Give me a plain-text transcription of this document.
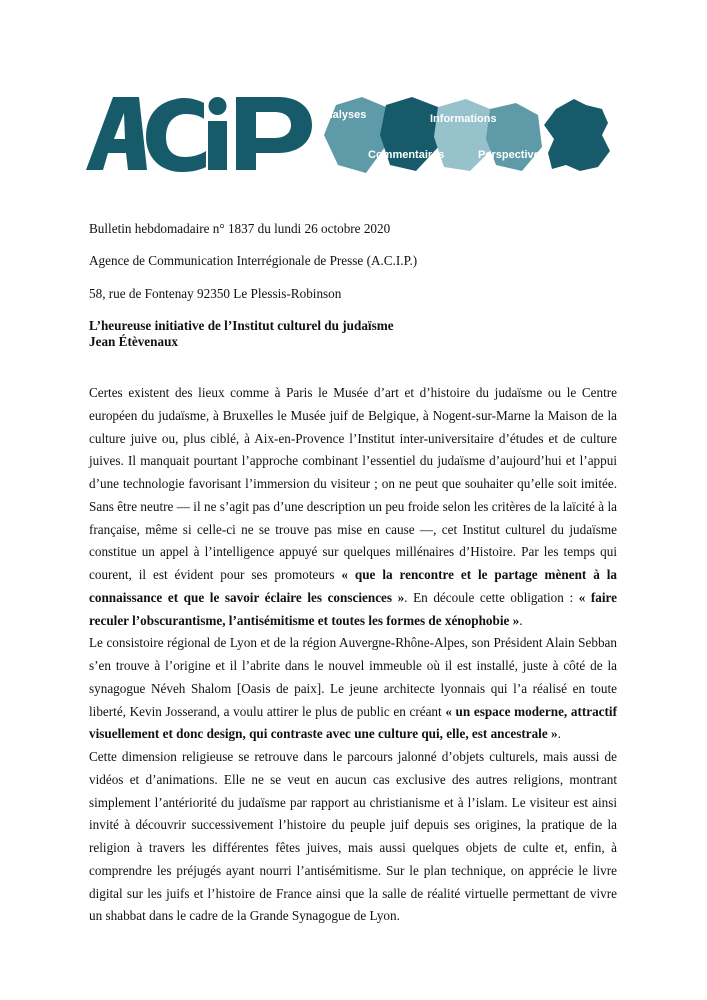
Analyses	Informations
Commentaires	Perspectives
Bulletin hebdomadaire n° 1837 du lundi 26 octobre 2020
Agence de Communication Interrégionale de Presse (A.C.I.P.)
58, rue de Fontenay 92350 Le Plessis-Robinson
L’heureuse initiative de l’Institut culturel du judaïsme
Jean Étèvenaux

Certes existent des lieux comme à Paris le Musée d’art et d’histoire du judaïsme ou le Centre européen du judaïsme, à Bruxelles le Musée juif de Belgique, à Nogent-sur-Marne la Maison de la culture juive ou, plus ciblé, à Aix-en-Provence l’Institut inter-universitaire d’études et de culture juives. Il manquait pourtant l’approche combinant l’essentiel du judaïsme d’aujourd’hui et l’appui d’une technologie favorisant l’immersion du visiteur ; on ne peut que souhaiter qu’elle soit imitée. Sans être neutre — il ne s’agit pas d’une description un peu froide selon les critères de la laïcité à la française, même si celle-ci ne se trouve pas mise en cause —, cet Institut culturel du judaïsme constitue un appel à l’intelligence appuyé sur quelques millénaires d’Histoire. Par les temps qui courent, il est évident pour ses promoteurs « que la rencontre et le partage mènent à la connaissance et que le savoir éclaire les consciences ». En découle cette obligation : « faire reculer l’obscurantisme, l’antisémitisme et toutes les formes de xénophobie ».

Le consistoire régional de Lyon et de la région Auvergne-Rhône-Alpes, son Président Alain Sebban s’en trouve à l’origine et il l’abrite dans le nouvel immeuble où il est installé, juste à côté de la synagogue Néveh Shalom [Oasis de paix]. Le jeune architecte lyonnais qui l’a réalisé en toute liberté, Kevin Josserand, a voulu attirer le plus de public en créant « un espace moderne, attractif visuellement et donc design, qui contraste avec une culture qui, elle, est ancestrale ».

Cette dimension religieuse se retrouve dans le parcours jalonné d’objets culturels, mais aussi de vidéos et d’animations. Elle ne se veut en aucun cas exclusive des autres religions, montrant simplement l’antériorité du judaïsme par rapport au christianisme et à l’islam. Le visiteur est ainsi invité à découvrir successivement l’histoire du peuple juif depuis ses origines, la pratique de la religion à travers les différentes fêtes juives, mais aussi quelques objets de culte et, enfin, à comprendre les préjugés ayant nourri l’antisémitisme. Sur le plan technique, on apprécie le livre digital sur les juifs et l’histoire de France ainsi que la salle de réalité virtuelle permettant de vivre un shabbat dans le cadre de la Grande Synagogue de Lyon.
